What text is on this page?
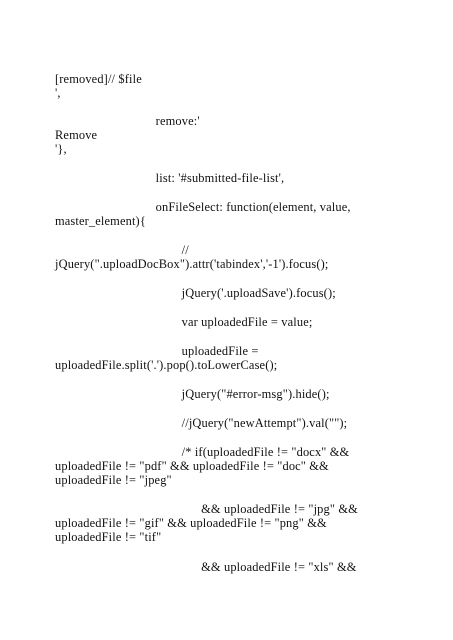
[removed]// $file
',
remove:'
Remove
'},
list: '#submitted-file-list',
onFileSelect: function(element, value,
master_element){
//
jQuery(".uploadDocBox").attr('tabindex','-1').focus();
jQuery('.uploadSave').focus();
var uploadedFile = value;
uploadedFile =
uploadedFile.split('.').pop().toLowerCase();
jQuery("#error-msg").hide();
//jQuery("newAttempt").val("");
/* if(uploadedFile != "docx" &&
uploadedFile != "pdf" && uploadedFile != "doc" &&
uploadedFile != "jpeg"
&& uploadedFile != "jpg" &&
uploadedFile != "gif" && uploadedFile != "png" &&
uploadedFile != "tif"
&& uploadedFile != "xls" &&
